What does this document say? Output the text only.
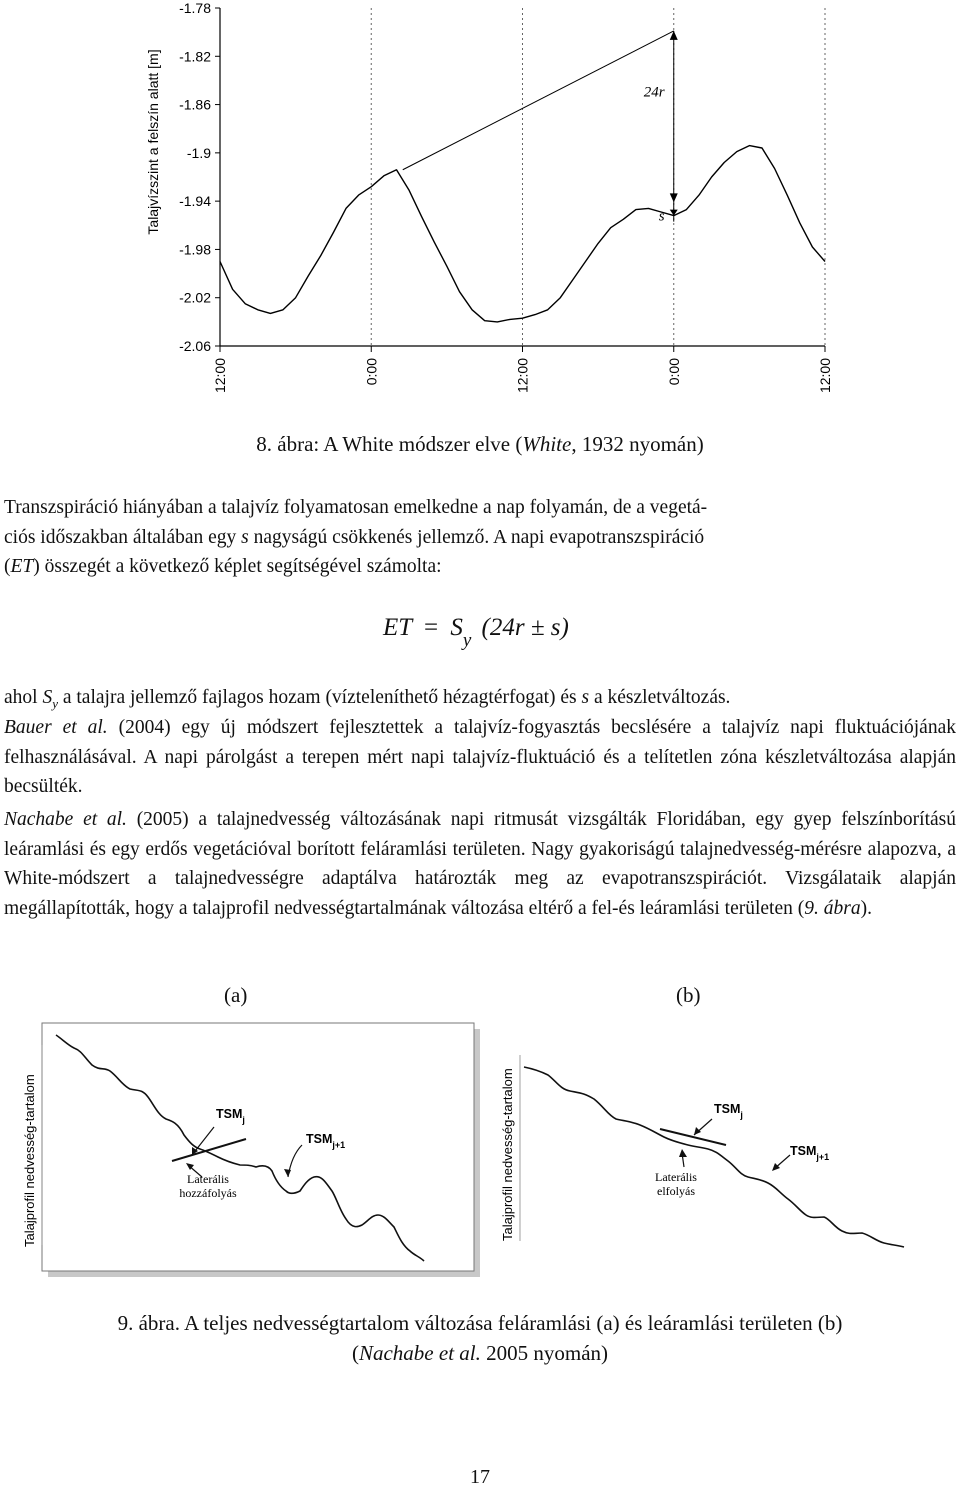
-1.78
-1.82
-1.86
-1.9
-1.94
-1.98
-2.02
-2.06
12:00	0:00	12:00	0:00	12:00
24r
s
Talajvízszint a felszín alatt [m]
8. ábra: A White módszer elve (White, 1932 nyomán)

Transzspiráció hiányában a talajvíz folyamatosan emelkedne a nap folyamán, de a vegetá-
ciós időszakban általában egy s nagyságú csökkenés jellemző. A napi evapotranszspiráció
(ET) összegét a következő képlet segítségével számolta:

ET = $S_y$ (24r ± s)

ahol $S_y$ a talajra jellemző fajlagos hozam (vízteleníthető hézagtérfogat) és s a készletváltozás.

Bauer et al. (2004) egy új módszert fejlesztettek a talajvíz-fogyasztás becslésére a talajvíz napi fluktuációjának felhasználásával. A napi párolgást a terepen mért napi talajvíz-fluktuáció és a telítetlen zóna készletváltozása alapján becsülték.

Nachabe et al. (2005) a talajnedvesség változásának napi ritmusát vizsgálták Floridában, egy gyep felszínborítású leáramlási és egy erdős vegetációval borított feláramlási területen. Nagy gyakoriságú talajnedvesség-mérésre alapozva, a White-módszert a talajnedvességre adaptálva határozták meg az evapotranszspirációt. Vizsgálataik alapján megállapították, hogy a talajprofil nedvességtartalmának változása eltérő a fel-és leáramlási területen (9. ábra).

(a)	(b)
Talajprofil nedvesség-tartalom	$TSM_j$
$TSM_{j+1}$
Laterális
hozzáfolyás	Talajprofil nedvesség-tartalom	$TSM_j$
$TSM_{j+1}$
Laterális
elfolyás
9. ábra. A teljes nedvességtartalom változása feláramlási (a) és leáramlási területen (b)
(Nachabe et al. 2005 nyomán)
17
